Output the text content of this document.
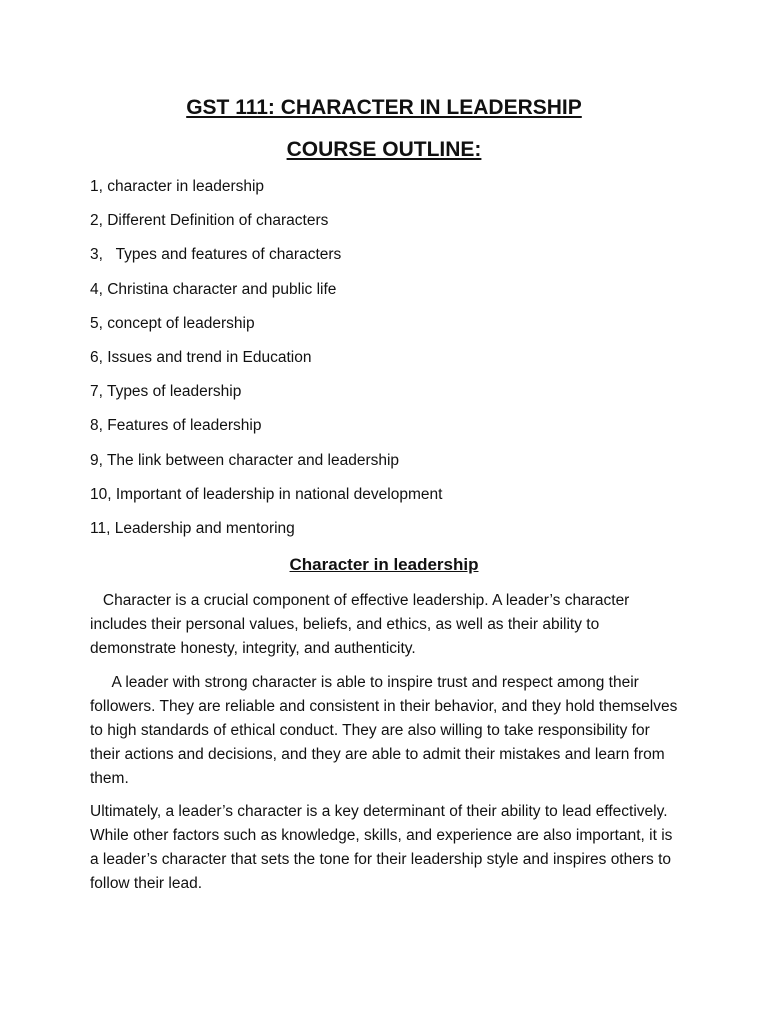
GST 111: CHARACTER IN LEADERSHIP
COURSE OUTLINE:
1, character in leadership
2, Different Definition of characters
3,   Types and features of characters
4, Christina character and public life
5, concept of leadership
6, Issues and trend in Education
7, Types of leadership
8, Features of leadership
9, The link between character and leadership
10, Important of leadership in national development
11, Leadership and mentoring
Character in leadership

Character is a crucial component of effective leadership. A leader’s character includes their personal values, beliefs, and ethics, as well as their ability to demonstrate honesty, integrity, and authenticity.

A leader with strong character is able to inspire trust and respect among their followers. They are reliable and consistent in their behavior, and they hold themselves to high standards of ethical conduct. They are also willing to take responsibility for their actions and decisions, and they are able to admit their mistakes and learn from them.

Ultimately, a leader’s character is a key determinant of their ability to lead effectively. While other factors such as knowledge, skills, and experience are also important, it is a leader’s character that sets the tone for their leadership style and inspires others to follow their lead.
